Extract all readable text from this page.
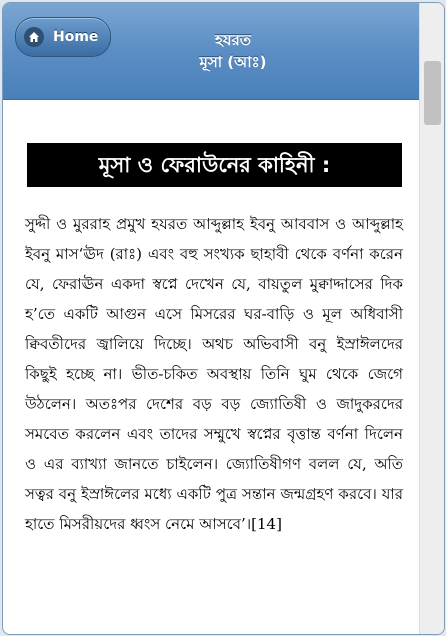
Home	হযরত
মূসা (আঃ)
মূসা ও ফেরাউনের কাহিনী :

সুদ্দী ও মুররাহ প্রমুখ হযরত আব্দুল্লাহ ইবনু আববাস ও আব্দুল্লাহ ইবনু মাস‘ঊদ (রাঃ) এবং বহু সংখ্যক ছাহাবী থেকে বর্ণনা করেন যে, ফেরাঊন একদা স্বপ্নে দেখেন যে, বায়তুল মুক্বাদ্দাসের দিক হ’তে একটি আগুন এসে মিসরের ঘর-বাড়ি ও মূল অধিবাসী ক্বিবতীদের জ্বালিয়ে দিচ্ছে। অথচ অভিবাসী বনু ইস্রাঈলদের কিছুই হচ্ছে না। ভীত-চকিত অবস্থায় তিনি ঘুম থেকে জেগে উঠলেন। অতঃপর দেশের বড় বড় জ্যোতিষী ও জাদুকরদের সমবেত করলেন এবং তাদের সম্মুখে স্বপ্নের বৃত্তান্ত বর্ণনা দিলেন ও এর ব্যাখ্যা জানতে চাইলেন। জ্যোতিষীগণ বলল যে, অতি সত্বর বনু ইস্রাঈলের মধ্যে একটি পুত্র সন্তান জন্মগ্রহণ করবে। যার হাতে মিসরীয়দের ধ্বংস নেমে আসবে’।[14]
